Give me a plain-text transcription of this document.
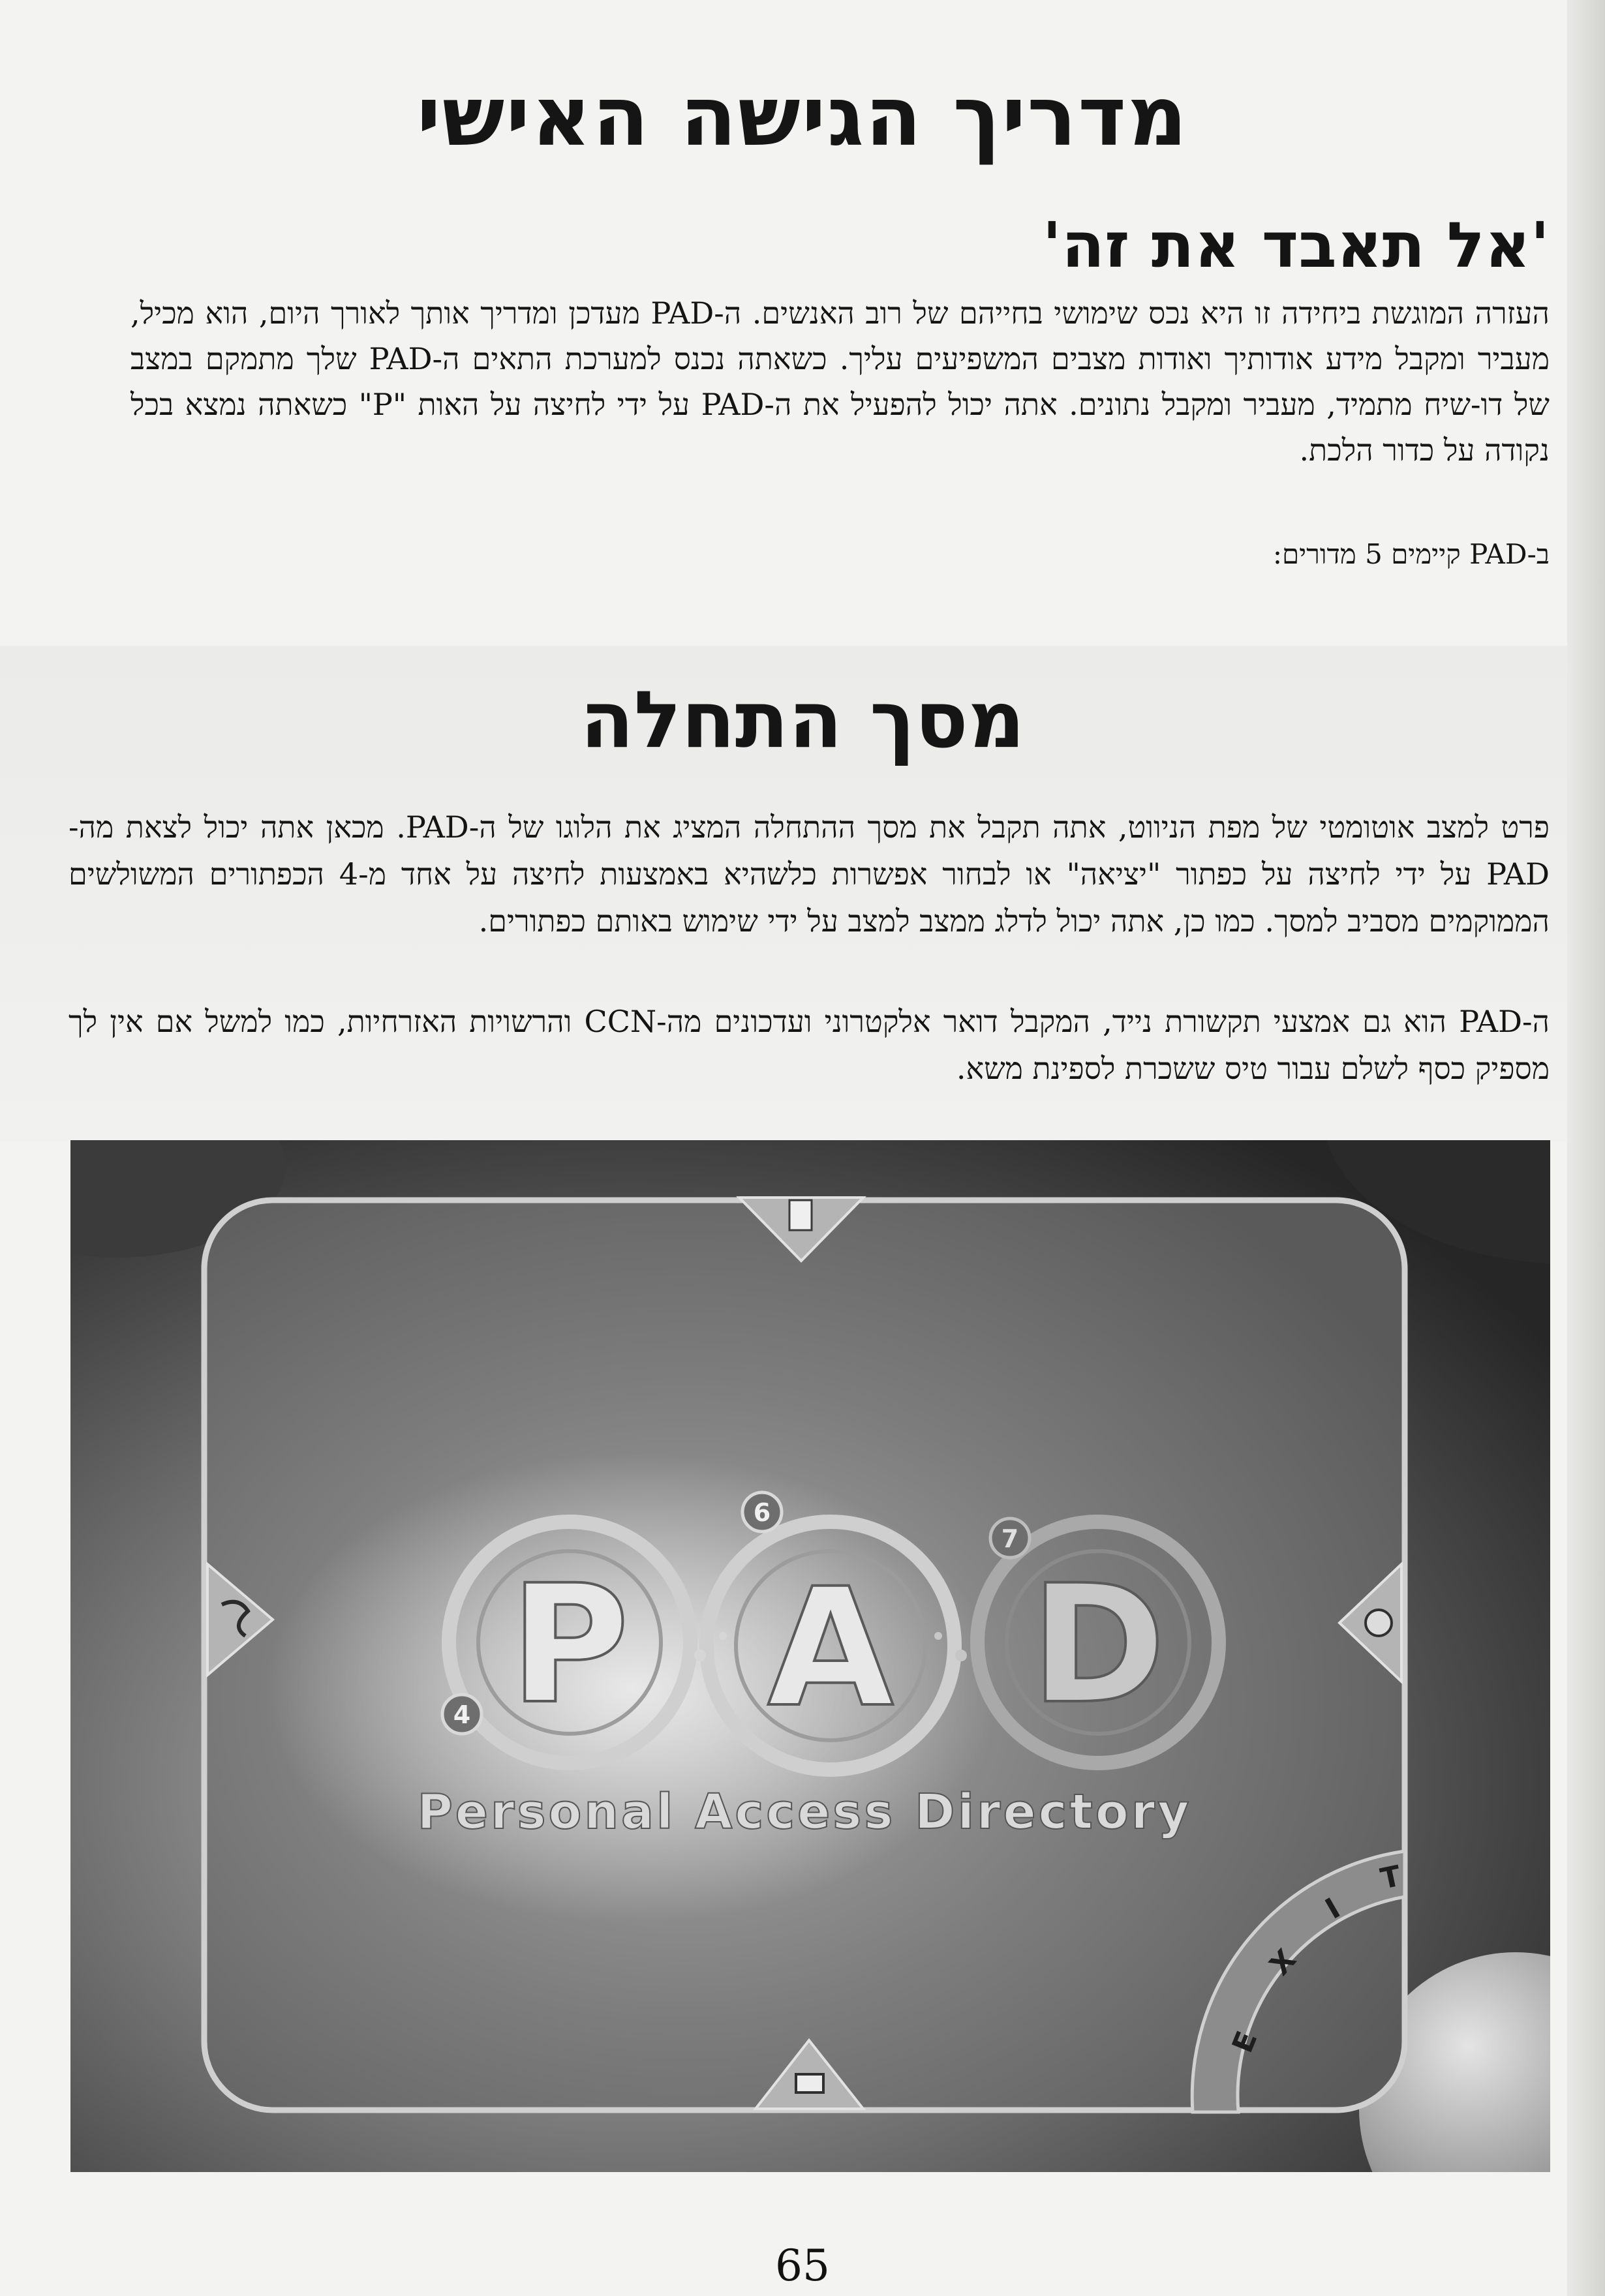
מדריך הגישה האישי
'אל תאבד את זה'
העזרה המוגשת ביחידה זו היא נכס שימושי בחייהם של רוב האנשים. ה-PAD מעדכן ומדריך אותך לאורך היום, הוא מכיל, מעביר ומקבל מידע אודותיך ואודות מצבים המשפיעים עליך. כשאתה נכנס למערכת התאים ה-PAD שלך מתמקם במצב של דו-שיח מתמיד, מעביר ומקבל נתונים. אתה יכול להפעיל את ה-PAD על ידי לחיצה על האות "P" כשאתה נמצא בכל נקודה על כדור הלכת.
ב-PAD קיימים 5 מדורים:
מסך התחלה
פרט למצב אוטומטי של מפת הניווט, אתה תקבל את מסך ההתחלה המציג את הלוגו של ה-PAD. מכאן אתה יכול לצאת מה-PAD על ידי לחיצה על כפתור "יציאה" או לבחור אפשרות כלשהיא באמצעות לחיצה על אחד מ-4 הכפתורים המשולשים הממוקמים מסביב למסך. כמו כן, אתה יכול לדלג ממצב למצב על ידי שימוש באותם כפתורים.
ה-PAD הוא גם אמצעי תקשורת נייד, המקבל דואר אלקטרוני ועדכונים מה-CCN והרשויות האזרחיות, כמו למשל אם אין לך מספיק כסף לשלם עבור טיס ששכרת לספינת משא.
4
6
7
P A D
Personal Access Directory
E
X
I
T
65
